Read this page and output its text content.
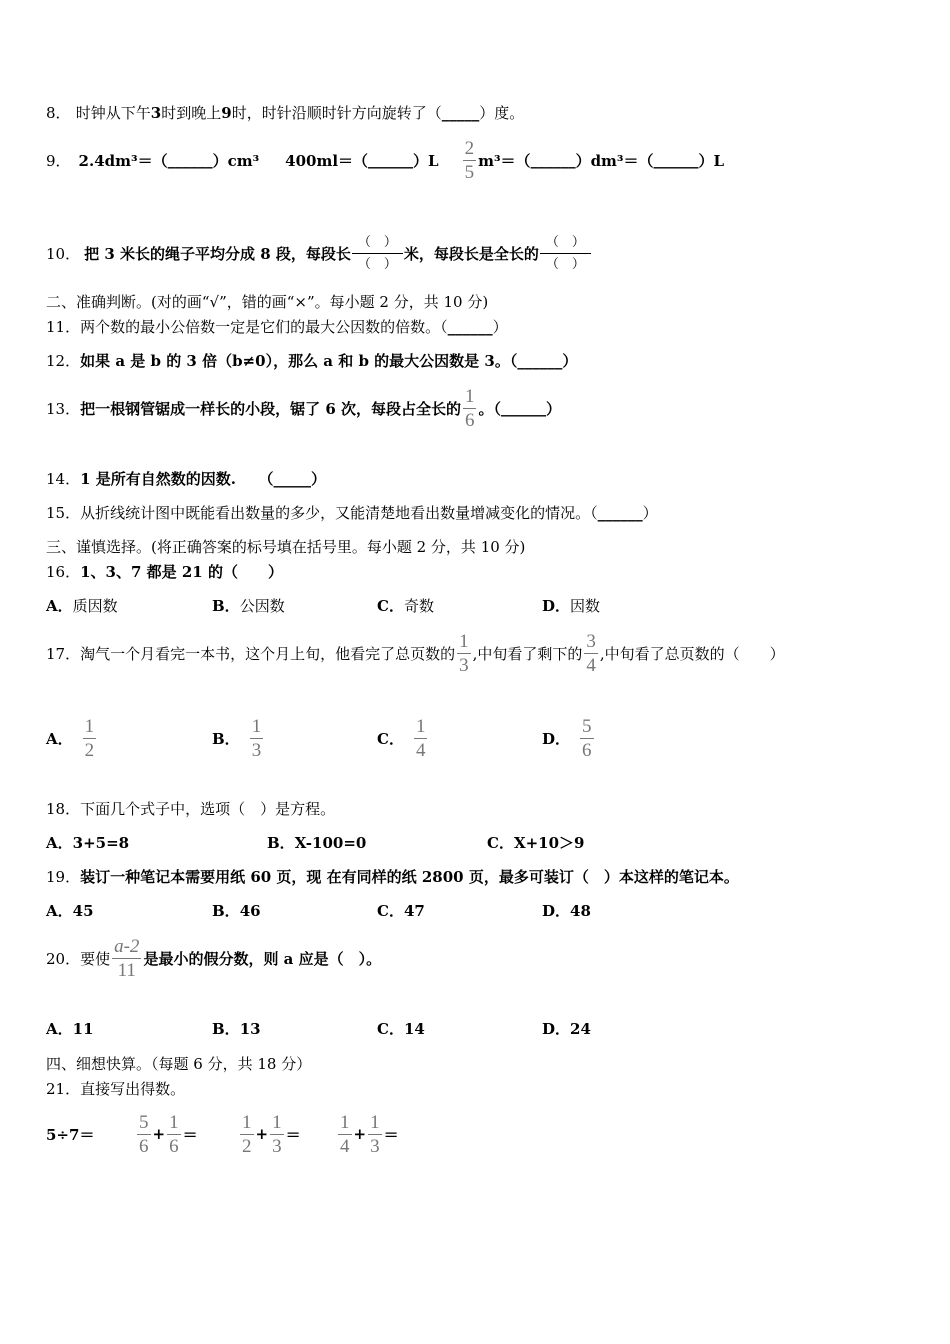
8． 时钟从下午3时到晚上9时，时针沿顺时针方向旋转了（_____）度。
9． 2.4dm³＝（ ______ ）cm³ 400ml＝（ ______ ）$L \frac{2}{5} m^3=$（ ______ ）dm³＝（ ______ ）L
10． 把 3 米长的绳子平均分成 8 段，每段长
（　）
（　）
米，每段长是全长的
（　）
（　）
二、准确判断。(对的画“√”，错的画“×”。每小题 2 分，共 10 分)
11．两个数的最小公倍数一定是它们的最大公因数的倍数。（______）
12．如果 a 是 b 的 3 倍（b≠0），那么 a 和 b 的最大公因数是 3。（______）
13． 把一根钢管锯成一样长的小段，锯了 6 次，每段占全长的 $\frac{1}{6}$ 。（ ______ ）
14．1 是所有自然数的因数.　　（_____）
15．从折线统计图中既能看出数量的多少，又能清楚地看出数量增减变化的情况。（______）
三、谨慎选择。(将正确答案的标号填在括号里。每小题 2 分，共 10 分)
16．1、3、7 都是 21 的（　　）
A．质因数	B．公因数	C．奇数	D．因数
17． 淘气一个月看完一本书，这个月上旬，他看完了总页数的 $\frac{1}{3}$ ,中旬看了剩下的 $\frac{3}{4}$ ,中旬看了总页数的（　　）
A． $\frac{1}{2}$	B． $\frac{1}{3}$	C． $\frac{1}{4}$	D． $\frac{5}{6}$
18．下面几个式子中，选项（　）是方程。
A．3+5=8	B．X-100=0	C．X+10＞9
19．装订一种笔记本需要用纸 60 页，现 在有同样的纸 2800 页，最多可装订（　）本这样的笔记本。
A．45	B．46	C．47	D．48
20． 要使 $\frac{a-2}{11}$ 是最小的假分数，则 a 应是（　）。
A．11	B．13	C．14	D．24
四、细想快算。（每题 6 分，共 18 分）
21．直接写出得数。
$5\div 7= \frac{5}{6} + \frac{1}{6} = \frac{1}{2} + \frac{1}{3} = \frac{1}{4} + \frac{1}{3}$ ＝
